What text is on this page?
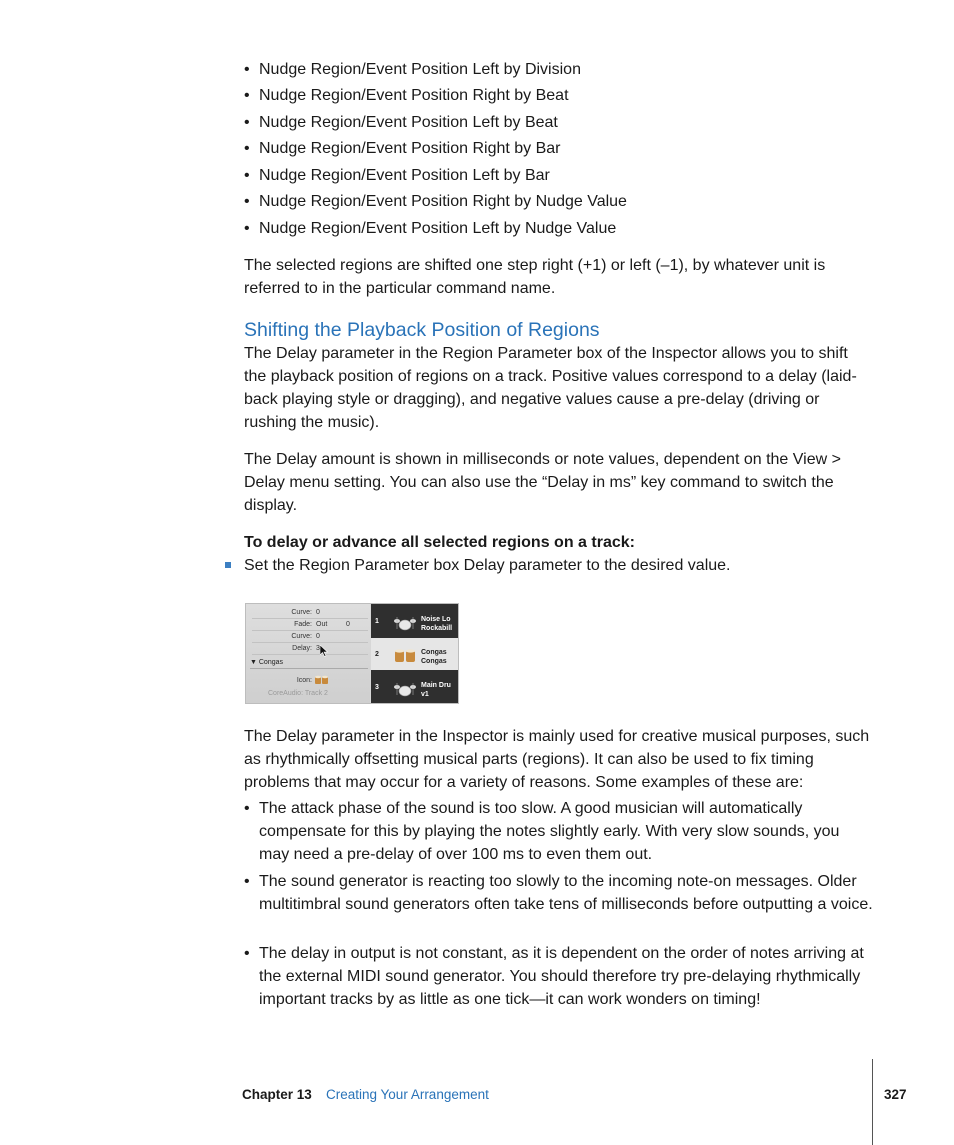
• Nudge Region/Event Position Left by Division
• Nudge Region/Event Position Right by Beat
• Nudge Region/Event Position Left by Beat
• Nudge Region/Event Position Right by Bar
• Nudge Region/Event Position Left by Bar
• Nudge Region/Event Position Right by Nudge Value
• Nudge Region/Event Position Left by Nudge Value

The selected regions are shifted one step right (+1) or left (–1), by whatever unit is referred to in the particular command name.

Shifting the Playback Position of Regions

The Delay parameter in the Region Parameter box of the Inspector allows you to shift the playback position of regions on a track. Positive values correspond to a delay (laid-back playing style or dragging), and negative values cause a pre-delay (driving or rushing the music).

The Delay amount is shown in milliseconds or note values, dependent on the View > Delay menu setting. You can also use the “Delay in ms” key command to switch the display.

To delay or advance all selected regions on a track:
Set the Region Parameter box Delay parameter to the desired value.
Curve: 0
Fade: Out	0
Curve: 0
Delay: 3
▼ Congas
Icon:
CoreAudio: Track 2
1	Noise Lo
Rockabill
2	Congas
Congas
3	Main Dru
v1

The Delay parameter in the Inspector is mainly used for creative musical purposes, such as rhythmically offsetting musical parts (regions). It can also be used to fix timing problems that may occur for a variety of reasons. Some examples of these are:

• The attack phase of the sound is too slow. A good musician will automatically compensate for this by playing the notes slightly early. With very slow sounds, you may need a pre-delay of over 100 ms to even them out.
• The sound generator is reacting too slowly to the incoming note-on messages. Older multitimbral sound generators often take tens of milliseconds before outputting a voice.
• The delay in output is not constant, as it is dependent on the order of notes arriving at the external MIDI sound generator. You should therefore try pre-delaying rhythmically important tracks by as little as one tick—it can work wonders on timing!
Chapter 13 Creating Your Arrangement	327
